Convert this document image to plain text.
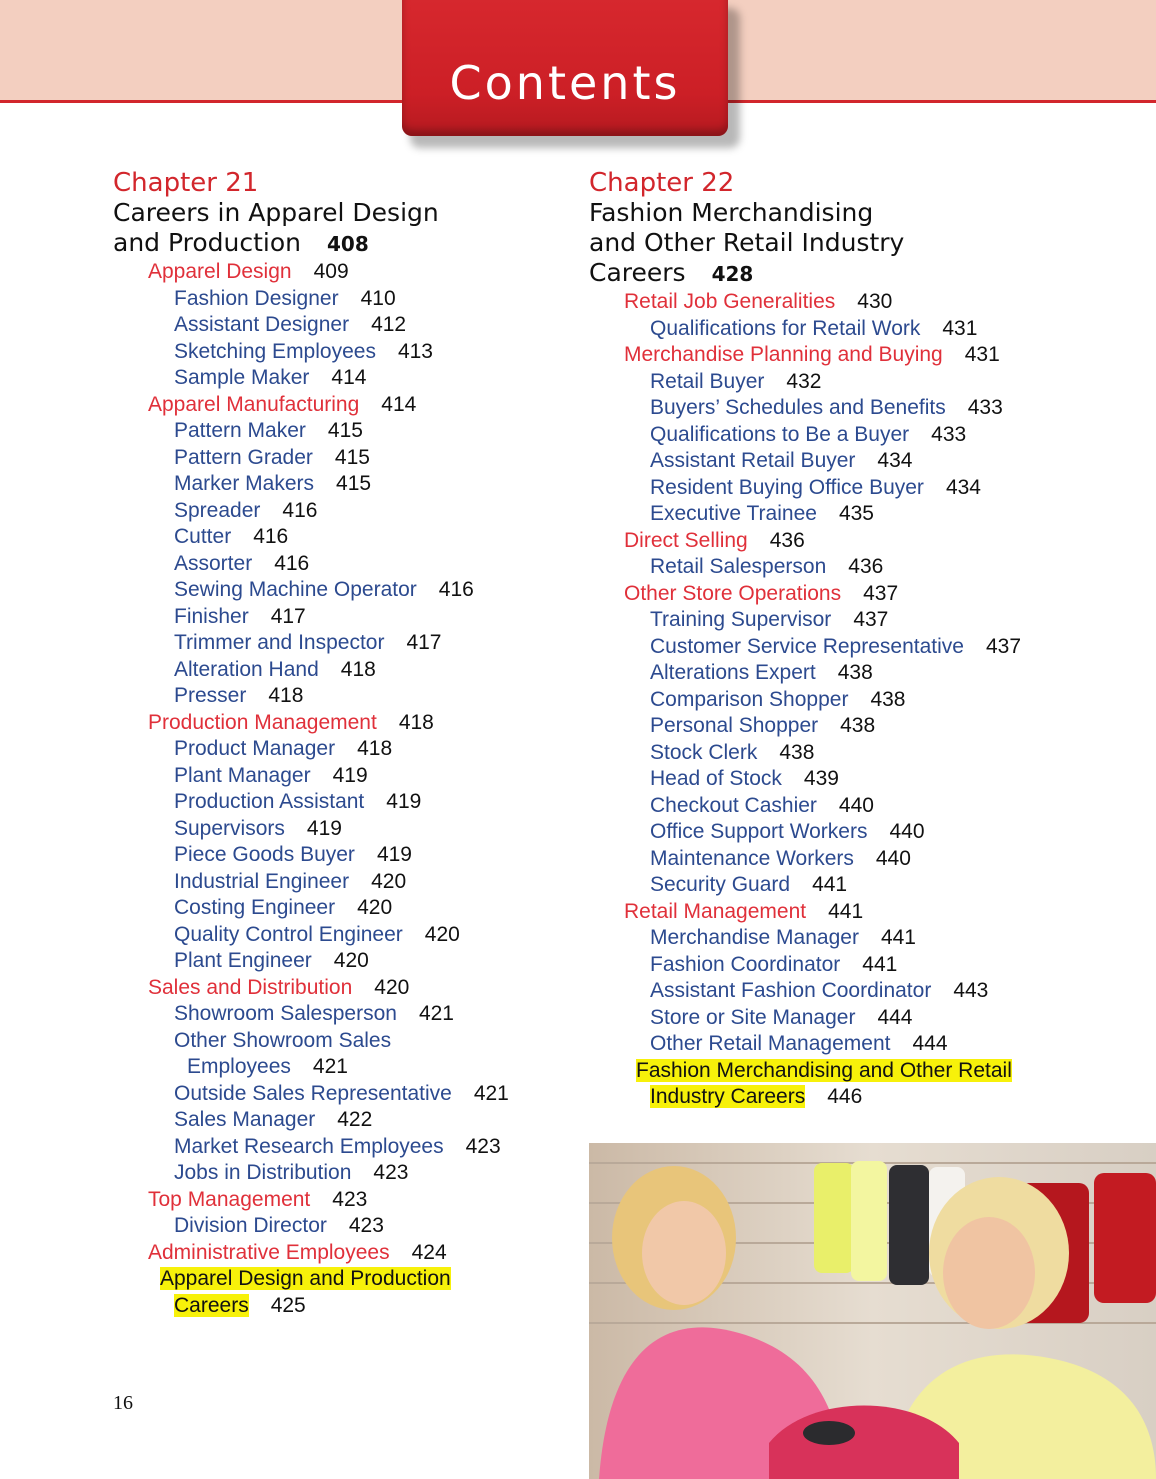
Contents

Chapter 21

Careers in Apparel Design

and Production 408

Apparel Design 409
Fashion Designer 410
Assistant Designer 412
Sketching Employees 413
Sample Maker 414
Apparel Manufacturing 414
Pattern Maker 415
Pattern Grader 415
Marker Makers 415
Spreader 416
Cutter 416
Assorter 416
Sewing Machine Operator 416
Finisher 417
Trimmer and Inspector 417
Alteration Hand 418
Presser 418
Production Management 418
Product Manager 418
Plant Manager 419
Production Assistant 419
Supervisors 419
Piece Goods Buyer 419
Industrial Engineer 420
Costing Engineer 420
Quality Control Engineer 420
Plant Engineer 420
Sales and Distribution 420
Showroom Salesperson 421
Other Showroom Sales
Employees 421
Outside Sales Representative 421
Sales Manager 422
Market Research Employees 423
Jobs in Distribution 423
Top Management 423
Division Director 423
Administrative Employees 424
Apparel Design and Production
Careers 425

Chapter 22

Fashion Merchandising

and Other Retail Industry

Careers 428

Retail Job Generalities 430
Qualifications for Retail Work 431
Merchandise Planning and Buying 431
Retail Buyer 432
Buyers’ Schedules and Benefits 433
Qualifications to Be a Buyer 433
Assistant Retail Buyer 434
Resident Buying Office Buyer 434
Executive Trainee 435
Direct Selling 436
Retail Salesperson 436
Other Store Operations 437
Training Supervisor 437
Customer Service Representative 437
Alterations Expert 438
Comparison Shopper 438
Personal Shopper 438
Stock Clerk 438
Head of Stock 439
Checkout Cashier 440
Office Support Workers 440
Maintenance Workers 440
Security Guard 441
Retail Management 441
Merchandise Manager 441
Fashion Coordinator 441
Assistant Fashion Coordinator 443
Store or Site Manager 444
Other Retail Management 444
Fashion Merchandising and Other Retail
Industry Careers 446
16
